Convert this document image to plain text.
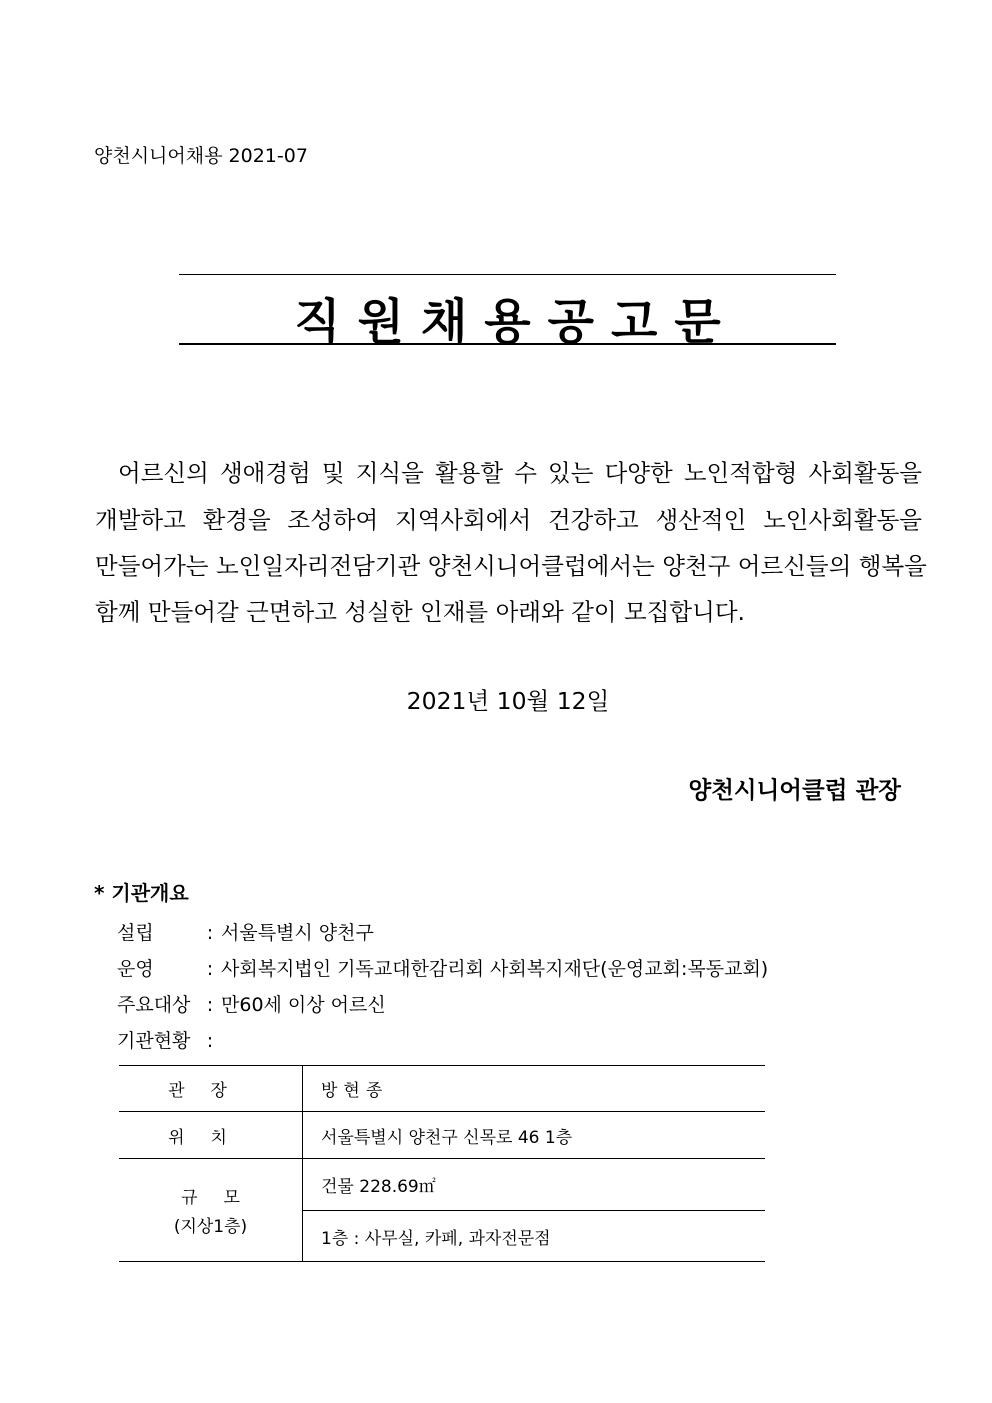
양천시니어채용 2021-07
직원채용공고문
어르신의 생애경험 및 지식을 활용할 수 있는 다양한 노인적합형 사회활동을
개발하고 환경을 조성하여 지역사회에서 건강하고 생산적인 노인사회활동을
만들어가는 노인일자리전담기관 양천시니어클럽에서는 양천구 어르신들의 행복을
함께 만들어갈 근면하고 성실한 인재를 아래와 같이 모집합니다.
2021년 10월 12일
양천시니어클럽 관장
* 기관개요
설립	: 서울특별시 양천구
운영	: 사회복지법인 기독교대한감리회 사회복지재단(운영교회:목동교회)
주요대상 : 만60세 이상 어르신
기관현황 :
관장	방현종
위치	서울특별시 양천구 신목로 46 1층

규모
(지상1층)	건물 228.69㎡
	1층 : 사무실, 카페, 과자전문점
